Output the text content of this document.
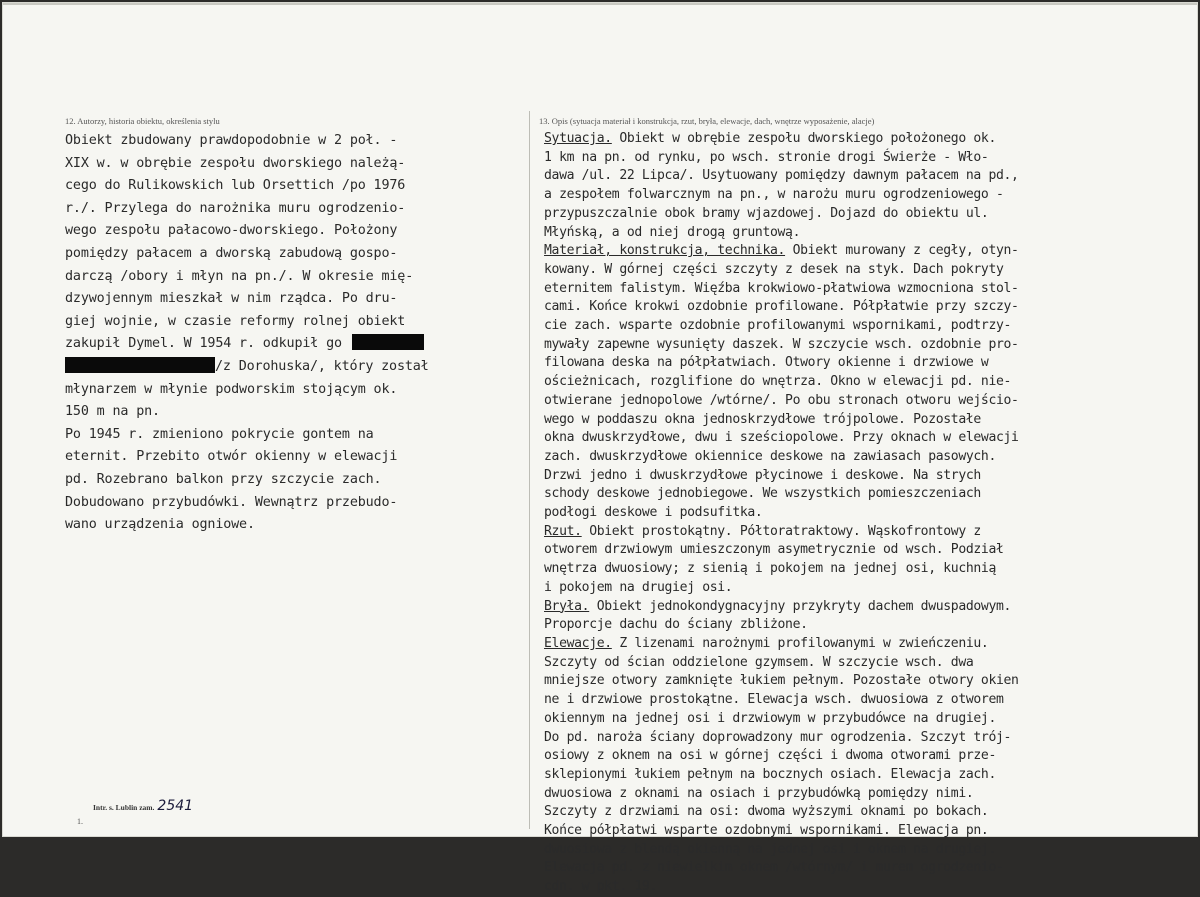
12. Autorzy, historia obiektu, określenia stylu	13. Opis (sytuacja materiał i konstrukcja, rzut, bryła, elewacje, dach, wnętrze wyposażenie, alacje)
Obiekt zbudowany prawdopodobnie w 2 poł. -
XIX w. w obrębie zespołu dworskiego należą-
cego do Rulikowskich lub Orsettich /po 1976
r./. Przylega do narożnika muru ogrodzenio-
wego zespołu pałacowo-dworskiego. Położony
pomiędzy pałacem a dworską zabudową gospo-
darczą /obory i młyn na pn./. W okresie mię-
dzywojennym mieszkał w nim rządca. Po dru-
giej wojnie, w czasie reformy rolnej obiekt
zakupił Dymel. W 1954 r. odkupił go
/z Dorohuska/, który został
młynarzem w młynie podworskim stojącym ok.
150 m na pn.
Po 1945 r. zmieniono pokrycie gontem na
eternit. Przebito otwór okienny w elewacji
pd. Rozebrano balkon przy szczycie zach.
Dobudowano przybudówki. Wewnątrz przebudo-
wano urządzenia ogniowe.
Sytuacja. Obiekt w obrębie zespołu dworskiego położonego ok.
1 km na pn. od rynku, po wsch. stronie drogi Świerże - Wło-
dawa /ul. 22 Lipca/. Usytuowany pomiędzy dawnym pałacem na pd.,
a zespołem folwarcznym na pn., w narożu muru ogrodzeniowego -
przypuszczalnie obok bramy wjazdowej. Dojazd do obiektu ul.
Młyńską, a od niej drogą gruntową.
Materiał, konstrukcja, technika. Obiekt murowany z cegły, otyn-
kowany. W górnej części szczyty z desek na styk. Dach pokryty
eternitem falistym. Więźba krokwiowo-płatwiowa wzmocniona stol-
cami. Końce krokwi ozdobnie profilowane. Półpłatwie przy szczy-
cie zach. wsparte ozdobnie profilowanymi wspornikami, podtrzy-
mywały zapewne wysunięty daszek. W szczycie wsch. ozdobnie pro-
filowana deska na półpłatwiach. Otwory okienne i drzwiowe w
ościeżnicach, rozglifione do wnętrza. Okno w elewacji pd. nie-
otwierane jednopolowe /wtórne/. Po obu stronach otworu wejścio-
wego w poddaszu okna jednoskrzydłowe trójpolowe. Pozostałe
okna dwuskrzydłowe, dwu i sześciopolowe. Przy oknach w elewacji
zach. dwuskrzydłowe okiennice deskowe na zawiasach pasowych.
Drzwi jedno i dwuskrzydłowe płycinowe i deskowe. Na strych
schody deskowe jednobiegowe. We wszystkich pomieszczeniach
podłogi deskowe i podsufitka.
Rzut. Obiekt prostokątny. Półtoratraktowy. Wąskofrontowy z
otworem drzwiowym umieszczonym asymetrycznie od wsch. Podział
wnętrza dwuosiowy; z sienią i pokojem na jednej osi, kuchnią
i pokojem na drugiej osi.
Bryła. Obiekt jednokondygnacyjny przykryty dachem dwuspadowym.
Proporcje dachu do ściany zbliżone.
Elewacje. Z lizenami narożnymi profilowanymi w zwieńczeniu.
Szczyty od ścian oddzielone gzymsem. W szczycie wsch. dwa
mniejsze otwory zamknięte łukiem pełnym. Pozostałe otwory okien
ne i drzwiowe prostokątne. Elewacja wsch. dwuosiowa z otworem
okiennym na jednej osi i drzwiowym w przybudówce na drugiej.
Do pd. naroża ściany doprowadzony mur ogrodzenia. Szczyt trój-
osiowy z oknem na osi w górnej części i dwoma otworami prze-
sklepionymi łukiem pełnym na bocznych osiach. Elewacja zach.
dwuosiowa z oknami na osiach i przybudówką pomiędzy nimi.
Szczyty z drzwiami na osi: dwoma wyższymi oknami po bokach.
Końce półpłatwi wsparte ozdobnymi wspornikami. Elewacja pn.
dwuosiowa z blendą okienną na jednej osi i oknem na drugiej.
Elewacja pd. z niewielkim oknem /wtórnym/ i murem ogrodzenio-
cdn. w pkt. 19.
Intr. s. Lublin zam. 2541
1.
